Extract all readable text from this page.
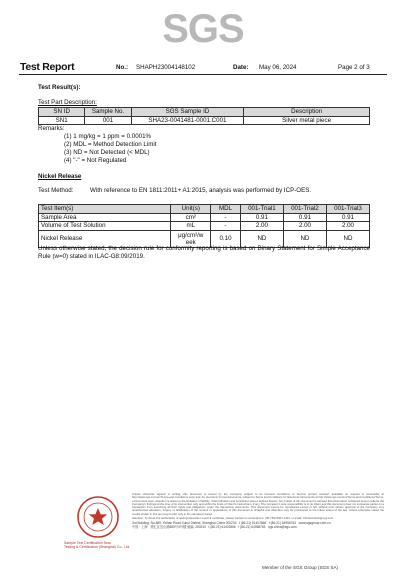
SGS
Test Report	No.: SHAPH23004148102	Date: May 06, 2024	Page 2 of 3
Test Result(s):
Test Part Description:
SN ID	Sample No.	SGS Sample ID	Description
SN1	001	SHA23-0041481-0001.C001	Silver metal piece
Remarks:
(1) 1 mg/kg = 1 ppm = 0.0001%
(2) MDL = Method Detection Limit
(3) ND = Not Detected (< MDL)
(4) "-" = Not Regulated
Nickel Release
Test Method:	With reference to EN 1811:2011+ A1:2015, analysis was performed by ICP-OES.
Test Item(s)	Unit(s)	MDL	001-Trial1	001-Trial2	001-Trial3
Sample Area	cm²	-	0.91	0.91	0.91
Volume of Test Solution	mL	-	2.00	2.00	2.00
Nickel Release	μg/cm²/w
eek	0.10	ND	ND	ND
Unless otherwise stated, the decision rule for conformity reporting is based on Binary Statement for Simple Acceptance Rule (w=0) stated in ILAC-G8:09/2019.
Sample Test Certification Seal
Testing & Certification (Shanghai) Co., Ltd.
Unless otherwise agreed in writing, this document is issued by the Company subject to its General Conditions of Service printed overleaf, available on request or accessible at http://www.sgs.com/en/Terms-and-Conditions.aspx and, for electronic format documents, subject to Terms and Conditions for Electronic Documents at http://www.sgs.com/en/Terms-and-Conditions/Terms-e-Document.aspx. Attention is drawn to the limitation of liability, indemnification and jurisdiction issues defined therein. Any holder of this document is advised that information contained hereon reflects the Company's findings at the time of its intervention only and within the limits of Client's instructions, if any. The Company's sole responsibility is to its Client and this document does not exonerate parties to a transaction from exercising all their rights and obligations under the transaction documents. This document cannot be reproduced except in full, without prior written approval of the Company. Any unauthorized alteration, forgery or falsification of the content or appearance of this document is unlawful and offenders may be prosecuted to the fullest extent of the law. Unless otherwise stated the results shown in this test report refer only to the sample(s) tested.
Attention: To check the authenticity of testing/inspection report & certificate, please contact us at telephone: (86-755) 8307 1443, or email: CN.Doccheck@sgs.com
3rd Building, No.889, Yishan Road Xuhui District, Shanghai China 200233 t (86-21) 61402666 f (86-21) 64958763 www.sgsgroup.com.cn
中国 · 上海 · 徐汇区宜山路889号3号楼 邮编: 200233 t (86-21) 61402666 f (86-21) 64958763 sgs.china@sgs.com
Member of the SGS Group (SGS SA)
